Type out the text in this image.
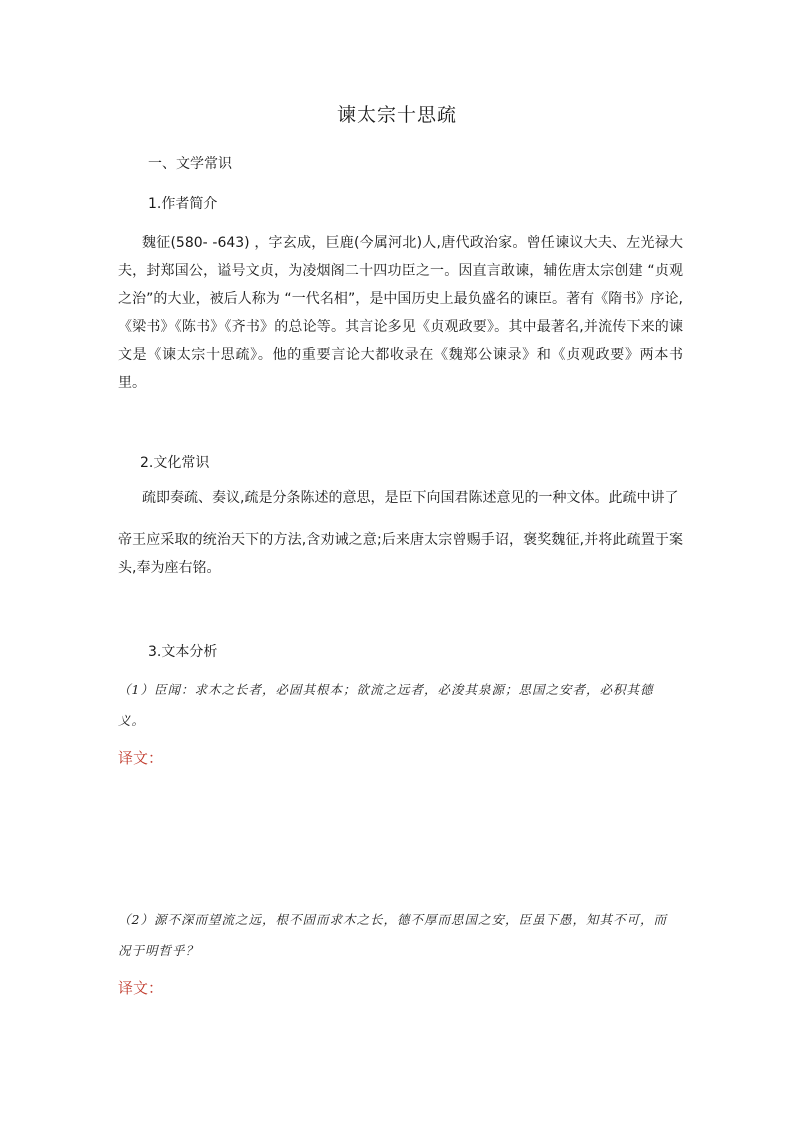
谏太宗十思疏
一、文学常识
1.作者简介
魏征(580- -643) ，字玄成，巨鹿(今属河北)人,唐代政治家。曾任谏议大夫、左光禄大夫，封郑国公，谥号文贞，为凌烟阁二十四功臣之一。因直言敢谏，辅佐唐太宗创建 “贞观之治”的大业，被后人称为 “一代名相”，是中国历史上最负盛名的谏臣。著有《隋书》序论,《梁书》《陈书》《齐书》的总论等。其言论多见《贞观政要》。其中最著名,并流传下来的谏文是《谏太宗十思疏》。他的重要言论大都收录在《魏郑公谏录》和《贞观政要》两本书里。
2.文化常识
疏即奏疏、奏议,疏是分条陈述的意思，是臣下向国君陈述意见的一种文体。此疏中讲了
帝王应采取的统治天下的方法,含劝诫之意;后来唐太宗曾赐手诏，褒奖魏征,并将此疏置于案头,奉为座右铭。
3.文本分析
（1）臣闻：求木之长者，必固其根本；欲流之远者，必浚其泉源；思国之安者，必积其德义。
译文：
（2）源不深而望流之远，根不固而求木之长，德不厚而思国之安，臣虽下愚，知其不可，而况于明哲乎？
译文：
